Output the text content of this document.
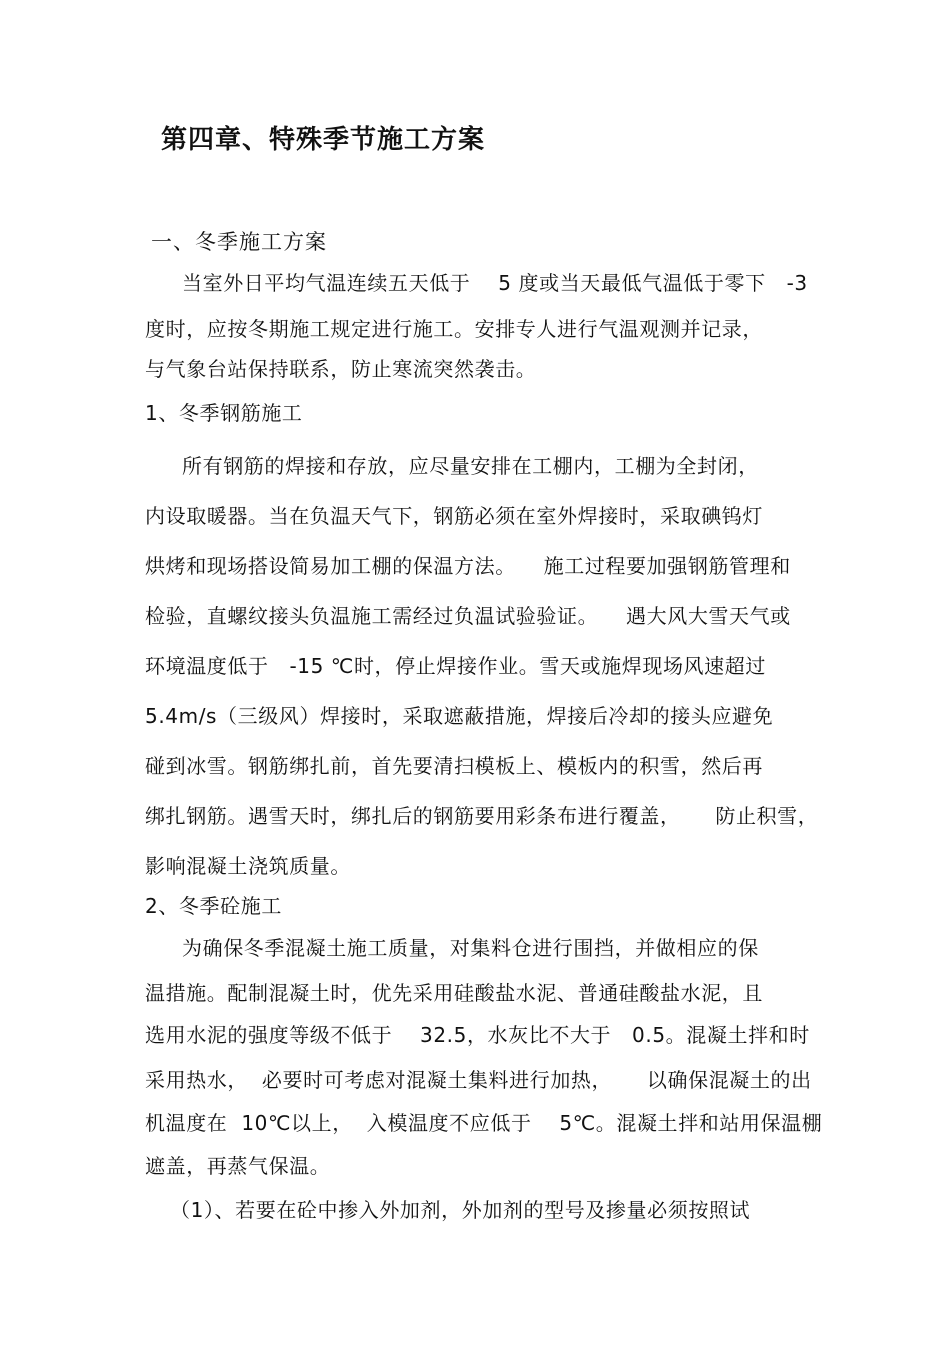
第四章、特殊季节施工方案
一、冬季施工方案

当室外日平均气温连续五天低于    5 度或当天最低气温低于零下   -3

度时，应按冬期施工规定进行施工。安排专人进行气温观测并记录，

与气象台站保持联系，防止寒流突然袭击。

1、冬季钢筋施工

所有钢筋的焊接和存放，应尽量安排在工棚内，工棚为全封闭，

内设取暖器。当在负温天气下，钢筋必须在室外焊接时，采取碘钨灯

烘烤和现场搭设简易加工棚的保温方法。    施工过程要加强钢筋管理和

检验，直螺纹接头负温施工需经过负温试验验证。    遇大风大雪天气或

环境温度低于   -15 ℃时，停止焊接作业。雪天或施焊现场风速超过

5.4m/s（三级风）焊接时，采取遮蔽措施，焊接后冷却的接头应避免

碰到冰雪。钢筋绑扎前，首先要清扫模板上、模板内的积雪，然后再

绑扎钢筋。遇雪天时，绑扎后的钢筋要用彩条布进行覆盖，     防止积雪，

影响混凝土浇筑质量。

2、冬季砼施工

为确保冬季混凝土施工质量，对集料仓进行围挡，并做相应的保

温措施。配制混凝土时，优先采用硅酸盐水泥、普通硅酸盐水泥，且

选用水泥的强度等级不低于    32.5，水灰比不大于   0.5。混凝土拌和时

采用热水，  必要时可考虑对混凝土集料进行加热，     以确保混凝土的出

机温度在  10℃以上，  入模温度不应低于    5℃。混凝土拌和站用保温棚

遮盖，再蒸气保温。

（1）、若要在砼中掺入外加剂，外加剂的型号及掺量必须按照试
